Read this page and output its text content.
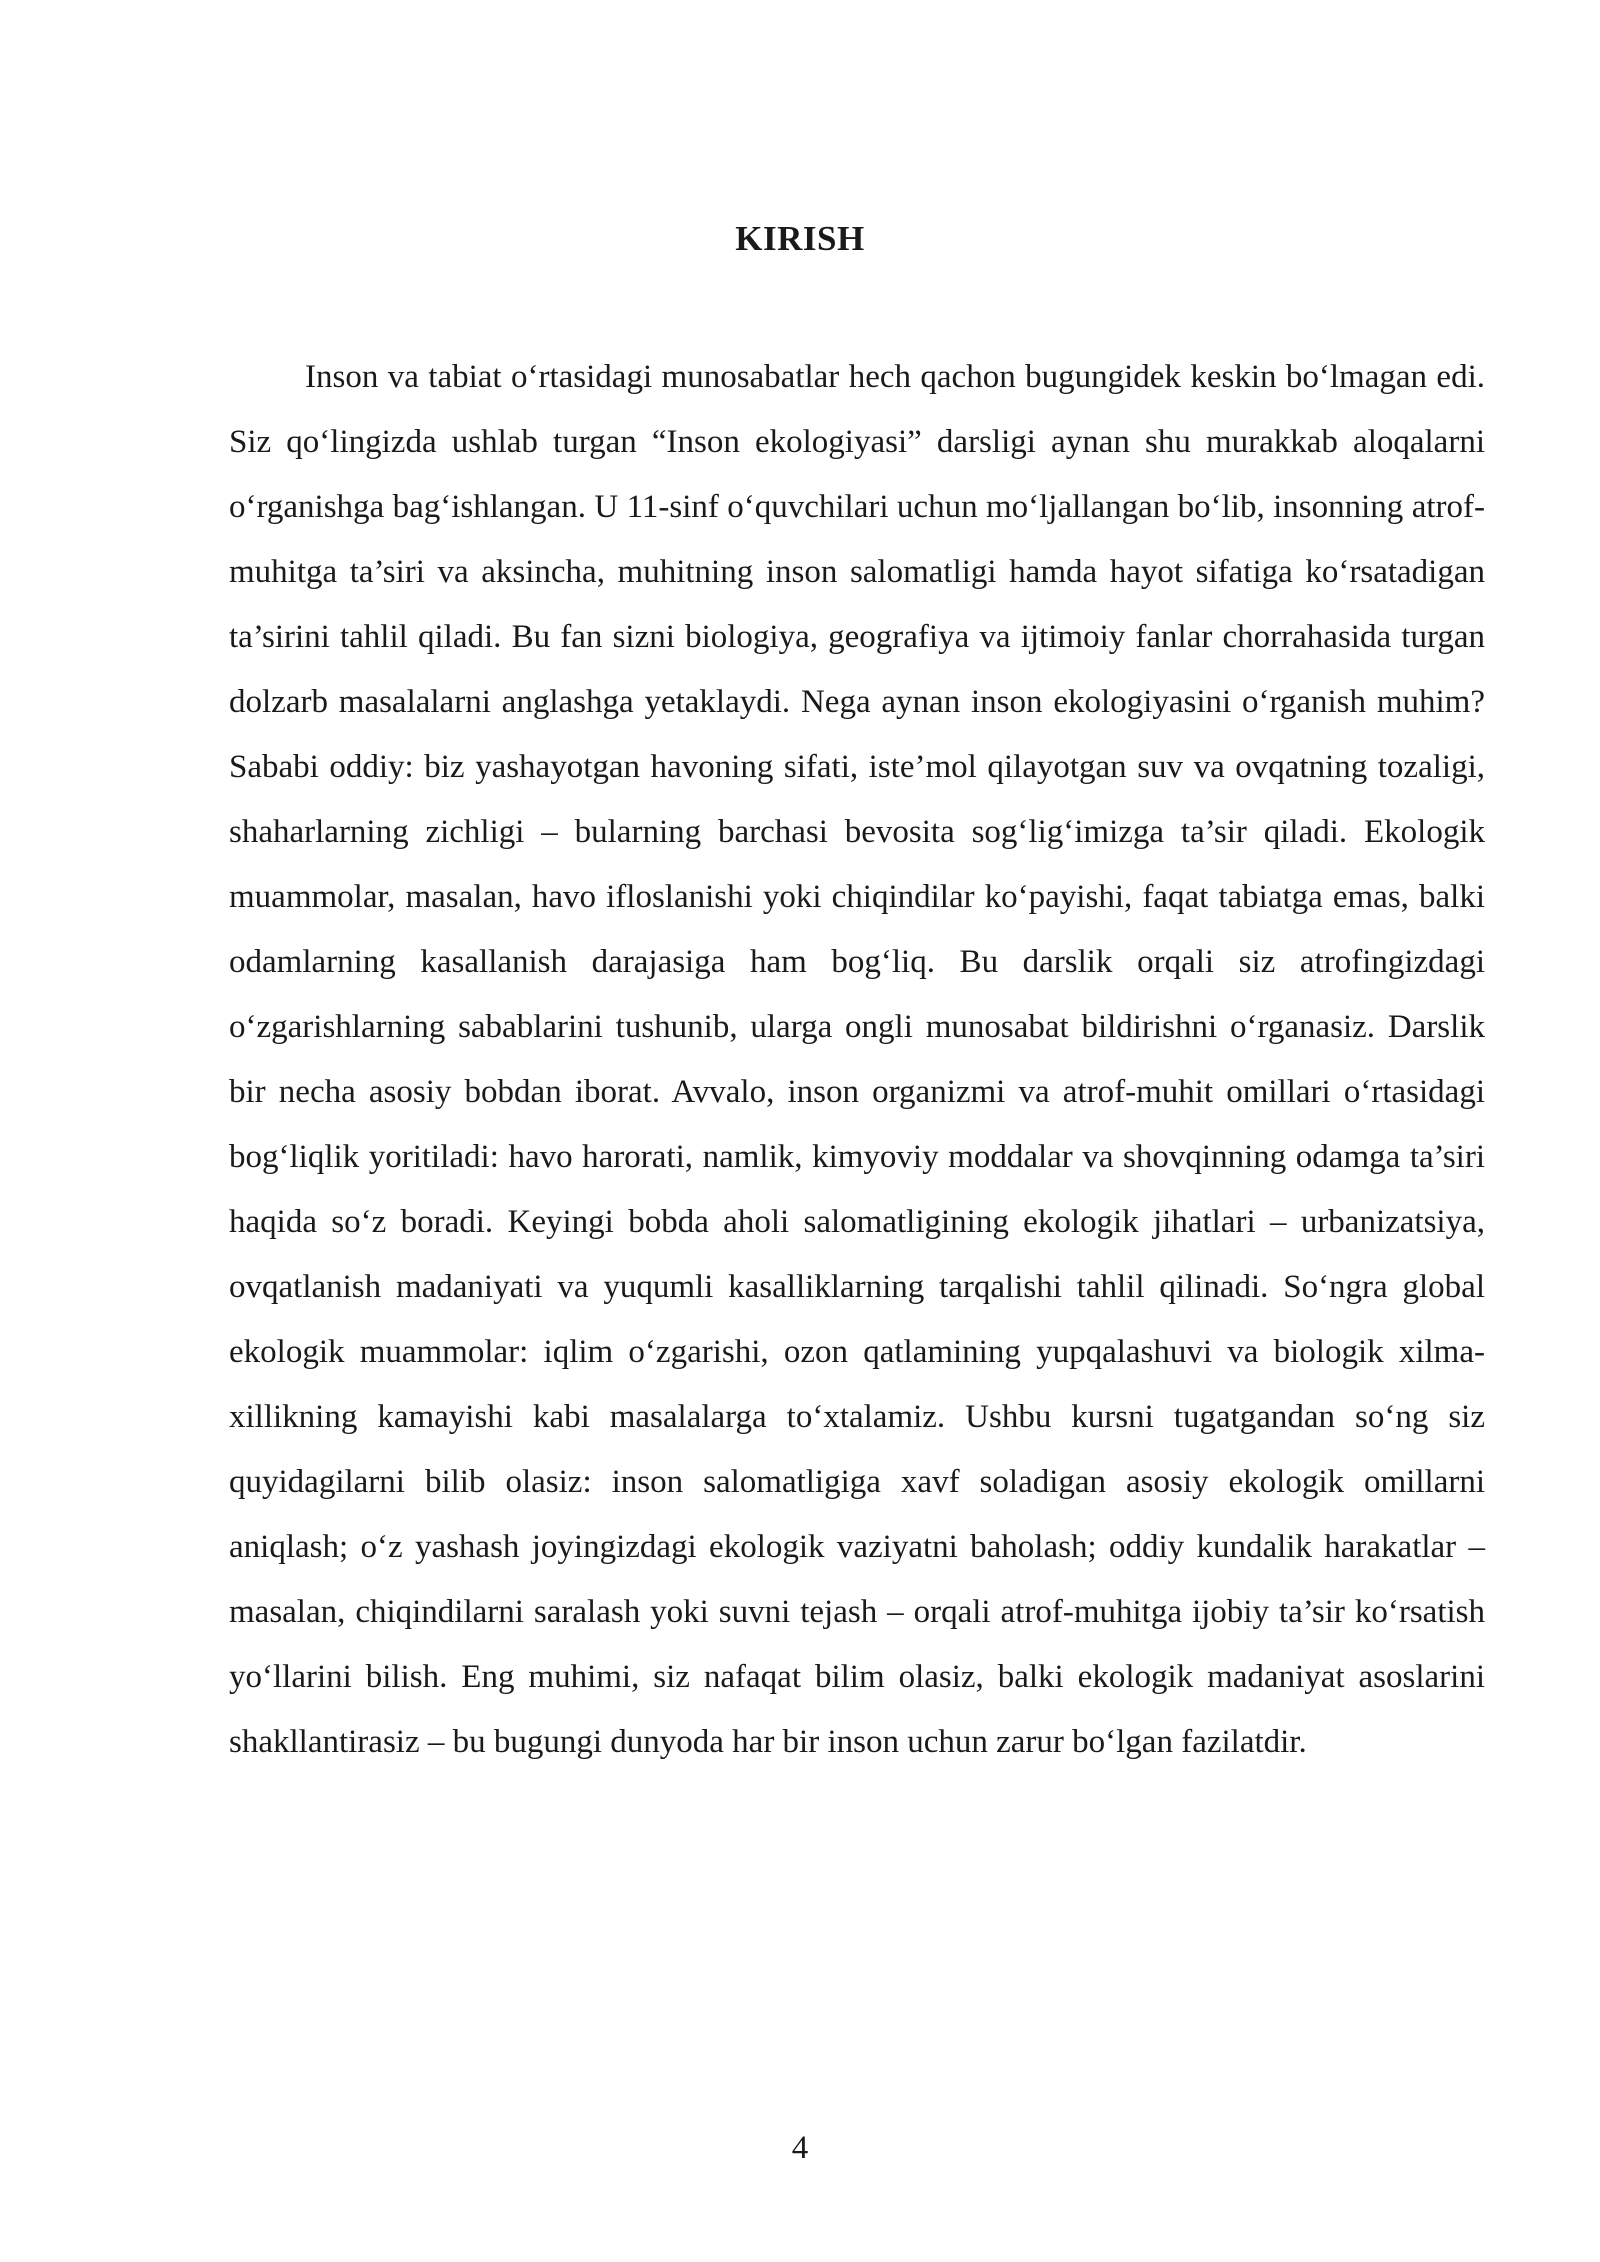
KIRISH

Inson va tabiat o‘rtasidagi munosabatlar hech qachon bugungidek keskin bo‘lmagan edi. Siz qo‘lingizda ushlab turgan “Inson ekologiyasi” darsligi aynan shu murakkab aloqalarni o‘rganishga bag‘ishlangan. U 11-sinf o‘quvchilari uchun mo‘ljallangan bo‘lib, insonning atrof-muhitga ta’siri va aksincha, muhitning inson salomatligi hamda hayot sifatiga ko‘rsatadigan ta’sirini tahlil qiladi. Bu fan sizni biologiya, geografiya va ijtimoiy fanlar chorrahasida turgan dolzarb masalalarni anglashga yetaklaydi. Nega aynan inson ekologiyasini o‘rganish muhim? Sababi oddiy: biz yashayotgan havoning sifati, iste’mol qilayotgan suv va ovqatning tozaligi, shaharlarning zichligi – bularning barchasi bevosita sog‘lig‘imizga ta’sir qiladi. Ekologik muammolar, masalan, havo ifloslanishi yoki chiqindilar ko‘payishi, faqat tabiatga emas, balki odamlarning kasallanish darajasiga ham bog‘liq. Bu darslik orqali siz atrofingizdagi o‘zgarishlarning sabablarini tushunib, ularga ongli munosabat bildirishni o‘rganasiz. Darslik bir necha asosiy bobdan iborat. Avvalo, inson organizmi va atrof-muhit omillari o‘rtasidagi bog‘liqlik yoritiladi: havo harorati, namlik, kimyoviy moddalar va shovqinning odamga ta’siri haqida so‘z boradi. Keyingi bobda aholi salomatligining ekologik jihatlari – urbanizatsiya, ovqatlanish madaniyati va yuqumli kasalliklarning tarqalishi tahlil qilinadi. So‘ngra global ekologik muammolar: iqlim o‘zgarishi, ozon qatlamining yupqalashuvi va biologik xilma-xillikning kamayishi kabi masalalarga to‘xtalamiz. Ushbu kursni tugatgandan so‘ng siz quyidagilarni bilib olasiz: inson salomatligiga xavf soladigan asosiy ekologik omillarni aniqlash; o‘z yashash joyingizdagi ekologik vaziyatni baholash; oddiy kundalik harakatlar – masalan, chiqindilarni saralash yoki suvni tejash – orqali atrof-muhitga ijobiy ta’sir ko‘rsatish yo‘llarini bilish. Eng muhimi, siz nafaqat bilim olasiz, balki ekologik madaniyat asoslarini shakllantirasiz – bu bugungi dunyoda har bir inson uchun zarur bo‘lgan fazilatdir.

4
